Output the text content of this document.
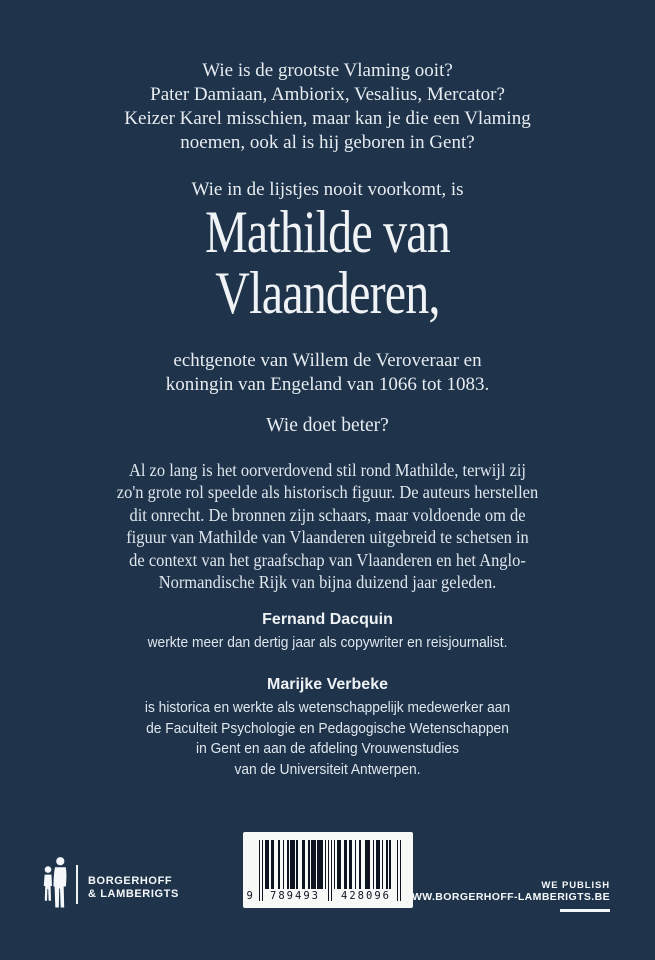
Wie is de grootste Vlaming ooit?
Pater Damiaan, Ambiorix, Vesalius, Mercator?
Keizer Karel misschien, maar kan je die een Vlaming
noemen, ook al is hij geboren in Gent?
Wie in de lijstjes nooit voorkomt, is
Mathilde van
Vlaanderen,
echtgenote van Willem de Veroveraar en
koningin van Engeland van 1066 tot 1083.
Wie doet beter?
Al zo lang is het oorverdovend stil rond Mathilde, terwijl zij
zo'n grote rol speelde als historisch figuur. De auteurs herstellen
dit onrecht. De bronnen zijn schaars, maar voldoende om de
figuur van Mathilde van Vlaanderen uitgebreid te schetsen in
de context van het graafschap van Vlaanderen en het Anglo-
Normandische Rijk van bijna duizend jaar geleden.
Fernand Dacquin
werkte meer dan dertig jaar als copywriter en reisjournalist.
Marijke Verbeke
is historica en werkte als wetenschappelijk medewerker aan
de Faculteit Psychologie en Pedagogische Wetenschappen
in Gent en aan de afdeling Vrouwenstudies
van de Universiteit Antwerpen.
BORGERHOFF
& LAMBERIGTS	9	789493	428096
WE PUBLISH
WWW.BORGERHOFF-LAMBERIGTS.BE
